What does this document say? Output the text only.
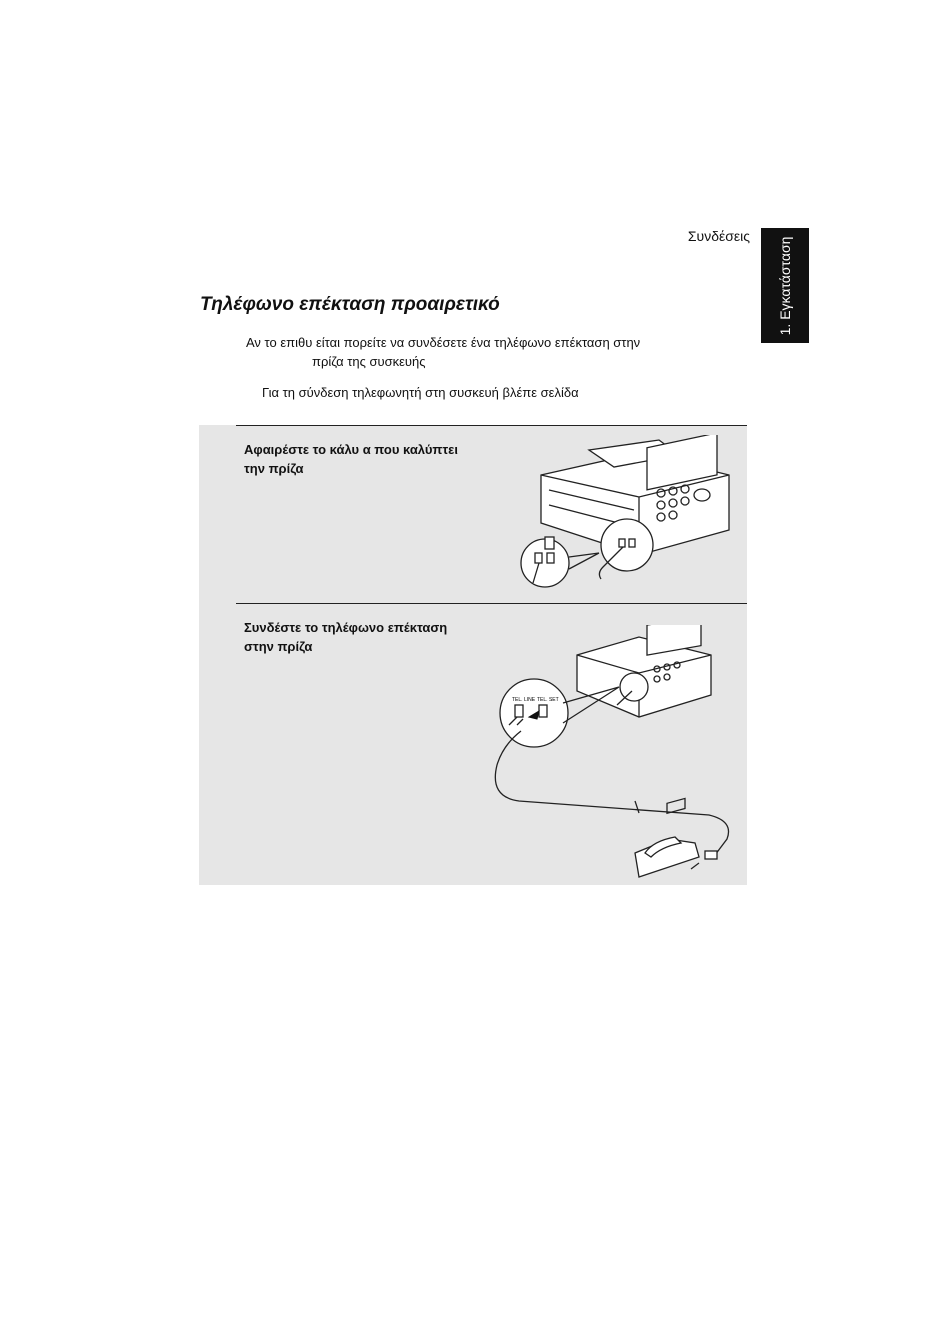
Συνδέσεις
1. Εγκατάσταση
Τηλέφωνο επέκταση προαιρετικό
Αν το επιθυ είται πορείτε να συνδέσετε ένα τηλέφωνο επέκταση στην
πρίζα της συσκευής
Για τη σύνδεση τηλεφωνητή στη συσκευή βλέπε σελίδα
Αφαιρέστε το κάλυ α που καλύπτει
την πρίζα
Συνδέστε το τηλέφωνο επέκταση
στην πρίζα
TEL. LINE TEL. SET
